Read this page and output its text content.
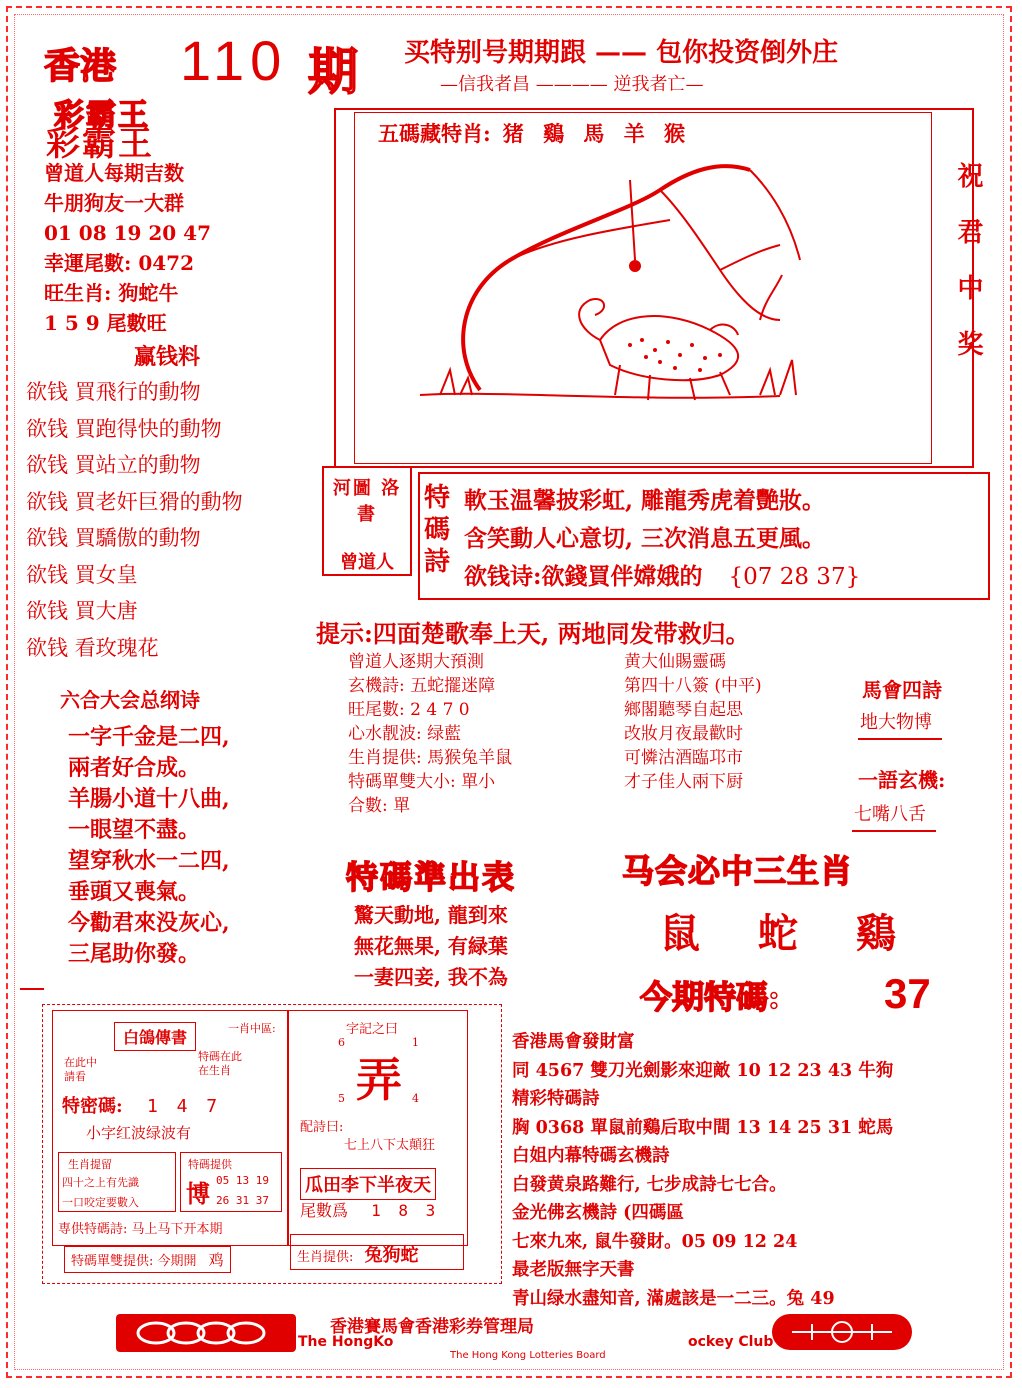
香港 110 期 买特别号期期跟 —— 包你投资倒外庄
—信我者昌 ———— 逆我者亡—
彩霸王
彩霸王
曾道人每期吉数
牛朋狗友一大群
01 08 19 20 47
幸運尾數: 0472
旺生肖: 狗蛇牛
1 5 9 尾數旺
赢钱料
欲钱 買飛行的動物
欲钱 買跑得快的動物
欲钱 買站立的動物
欲钱 買老奸巨猾的動物
欲钱 買驕傲的動物
欲钱 買女皇
欲钱 買大唐
欲钱 看玫瑰花
五碼藏特肖: 猪 鷄 馬 羊 猴
祝君中奖
河圖 洛書
曾道人
特碼詩
軟玉温馨披彩虹, 雕龍秀虎着艷妝。
含笑動人心意切, 三次消息五更風。
欲钱诗:欲錢買伴嫦娥的 {07 28 37}
提示:四面楚歌奉上天, 两地同发带救归。
曾道人逐期大預測
玄機詩: 五蛇擺迷障
旺尾數: 2 4 7 0
心水靓波: 绿藍
生肖提供: 馬猴兔羊鼠
特碼單雙大小: 單小
合數: 單
黄大仙賜靈碼
第四十八簽 (中平)
鄉閣聽琴自起思
改妝月夜最歡时
可憐沽酒臨邛市
才子佳人兩下厨
馬會四詩
地大物博
一語玄機:
七嘴八舌
六合大会总纲诗
一字千金是二四,
兩者好合成。
羊腸小道十八曲,
一眼望不盡。
望穿秋水一二四,
垂頭又喪氣。
今勸君來没灰心,
三尾助你發。
特碼準出表
驚天動地, 龍到來
無花無果, 有緑葉
一妻四妾, 我不為
马会必中三生肖
鼠 蛇 鷄
今期特碼: 37
白鴿傳書	一肖中區:
在此中
請看
特碼在此
在生肖
特密碼: 1 4 7
小字红波绿波有
生肖提留
四十之上有先識
一口咬定要數入
特碼提供
博 05 13 19
26 31 37
専供特碼詩: 马上马下开本期
特碼單雙提供: 今期開 鸡
字記之曰
6	1
弄
5	4
配詩曰:
七上八下太顛狂
瓜田李下半夜天
尾數爲 1 8 3
生肖提供: 兔狗蛇
香港馬會發財富
同 4567 雙刀光劍影來迎敵 10 12 23 43 牛狗
精彩特碼詩
胸 0368 單鼠前鷄后取中間 13 14 25 31 蛇馬
白姐内幕特碼玄機詩
白發黄泉路難行, 七步成詩七七合。
金光佛玄機詩 (四碼區
七來九來, 鼠牛發財。05 09 12 24
最老版無字天書
青山绿水盡知音, 滿處該是一二三。兔 49
香港賽馬會香港彩券管理局
The HongKo	ockey Club
The Hong Kong Lotteries Board
